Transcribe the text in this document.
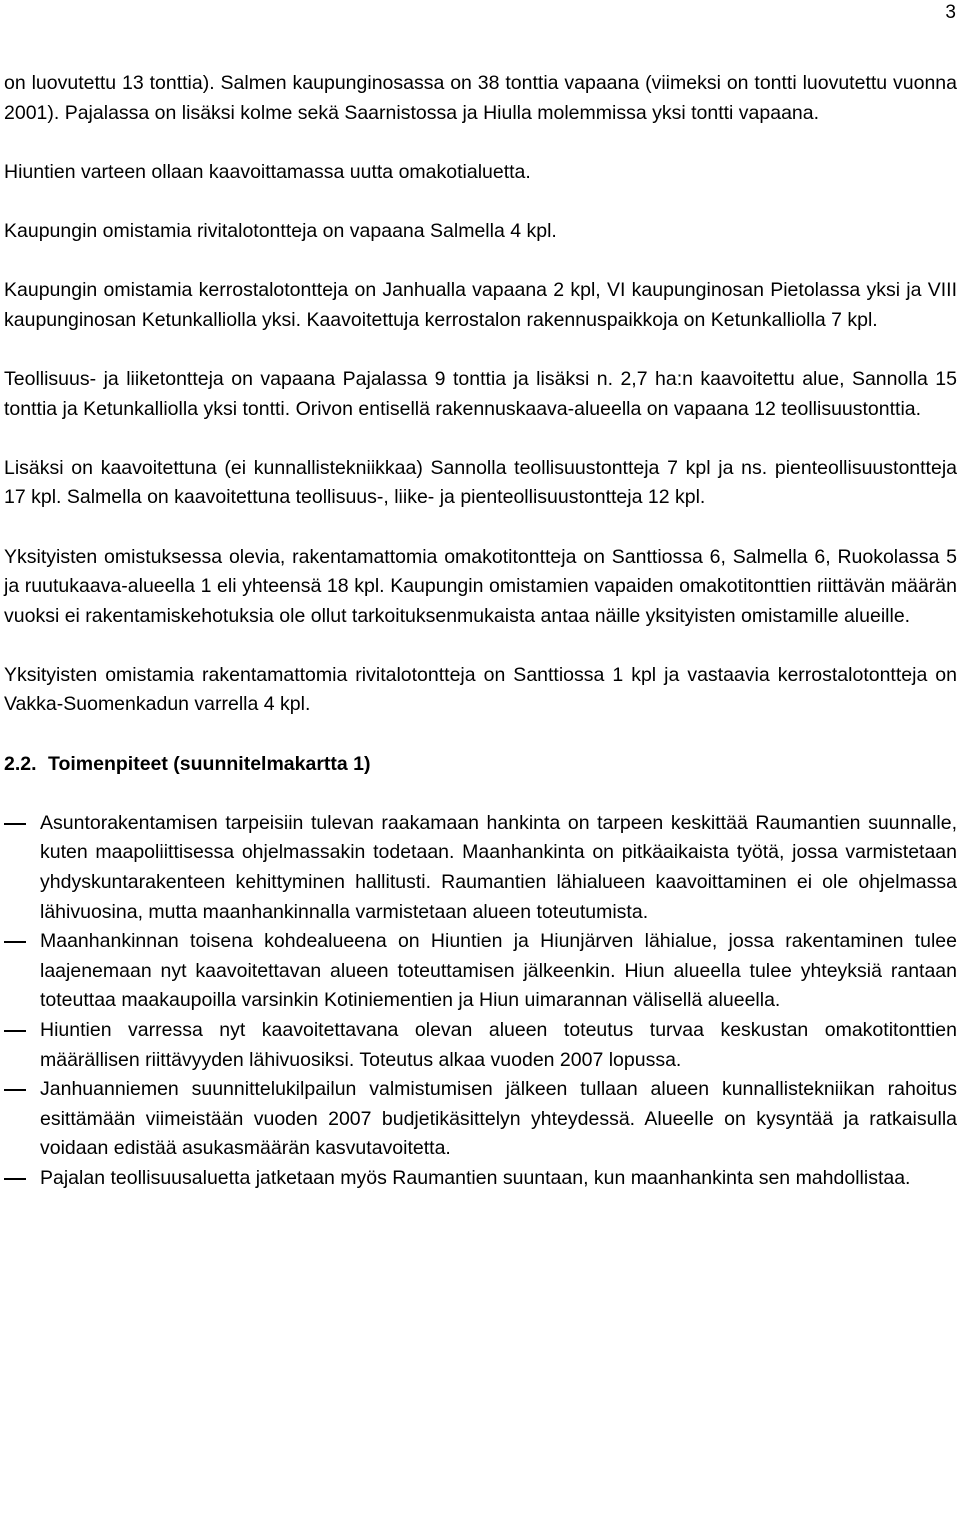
3

on luovutettu 13 tonttia). Salmen kaupunginosassa on 38 tonttia vapaana (viimeksi on tontti luovutettu vuonna 2001). Pajalassa on lisäksi kolme sekä Saarnistossa ja Hiulla molemmissa yksi tontti vapaana.

Hiuntien varteen ollaan kaavoittamassa uutta omakotialuetta.

Kaupungin omistamia rivitalotontteja on vapaana Salmella 4 kpl.

Kaupungin omistamia kerrostalotontteja on Janhualla vapaana 2 kpl, VI kaupunginosan Pietolassa yksi ja VIII kaupunginosan Ketunkalliolla yksi. Kaavoitettuja kerrostalon rakennuspaikkoja on Ketunkalliolla 7 kpl.

Teollisuus- ja liiketontteja on vapaana Pajalassa 9 tonttia ja lisäksi n. 2,7 ha:n kaavoitettu alue, Sannolla 15 tonttia ja Ketunkalliolla yksi tontti. Orivon entisellä rakennuskaava-alueella on vapaana 12 teollisuustonttia.

Lisäksi on kaavoitettuna (ei kunnallistekniikkaa) Sannolla teollisuustontteja 7 kpl ja ns. pienteollisuustontteja 17 kpl. Salmella on kaavoitettuna teollisuus-, liike- ja pienteollisuustontteja 12 kpl.

Yksityisten omistuksessa olevia, rakentamattomia omakotitontteja on Santtiossa 6, Salmella 6, Ruokolassa 5 ja ruutukaava-alueella 1 eli yhteensä 18 kpl. Kaupungin omistamien vapaiden omakotitonttien riittävän määrän vuoksi ei rakentamiskehotuksia ole ollut tarkoituksenmukaista antaa näille yksityisten omistamille alueille.

Yksityisten omistamia rakentamattomia rivitalotontteja on Santtiossa 1 kpl ja vastaavia kerrostalotontteja on Vakka-Suomenkadun varrella 4 kpl.

2.2. Toimenpiteet (suunnitelmakartta 1)
Asuntorakentamisen tarpeisiin tulevan raakamaan hankinta on tarpeen keskittää Raumantien suunnalle, kuten maapoliittisessa ohjelmassakin todetaan. Maanhankinta on pitkäaikaista työtä, jossa varmistetaan yhdyskuntarakenteen kehittyminen hallitusti. Raumantien lähialueen kaavoittaminen ei ole ohjelmassa lähivuosina, mutta maanhankinnalla varmistetaan alueen toteutumista.
Maanhankinnan toisena kohdealueena on Hiuntien ja Hiunjärven lähialue, jossa rakentaminen tulee laajenemaan nyt kaavoitettavan alueen toteuttamisen jälkeenkin. Hiun alueella tulee yhteyksiä rantaan toteuttaa maakaupoilla varsinkin Kotiniementien ja Hiun uimarannan välisellä alueella.
Hiuntien varressa nyt kaavoitettavana olevan alueen toteutus turvaa keskustan omakotitonttien määrällisen riittävyyden lähivuosiksi. Toteutus alkaa vuoden 2007 lopussa.
Janhuanniemen suunnittelukilpailun valmistumisen jälkeen tullaan alueen kunnallistekniikan rahoitus esittämään viimeistään vuoden 2007 budjetikäsittelyn yhteydessä. Alueelle on kysyntää ja ratkaisulla voidaan edistää asukasmäärän kasvutavoitetta.
Pajalan teollisuusaluetta jatketaan myös Raumantien suuntaan, kun maanhankinta sen mahdollistaa.
